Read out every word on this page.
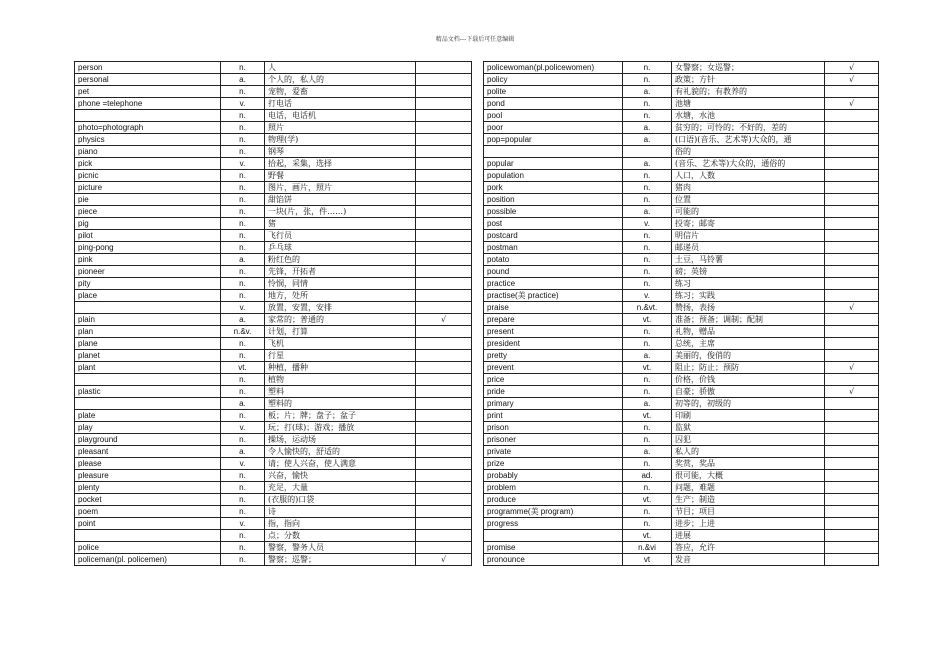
精品文档---下载后可任意编辑
person	n.	人	
personal	a.	个人的，私人的	
pet	n.	宠物，爱畜	
phone =telephone	v.	打电话	
	n.	电话，电话机	
photo=photograph	n.	照片	
physics	n.	物理(学)	
piano	n.	钢琴	
pick	v.	拾起，采集，选择	
picnic	n.	野餐	
picture	n.	图片，画片，照片	
pie	n.	甜馅饼	
piece	n.	一块(片，张，件……)	
pig	n.	猪	
pilot	n.	飞行员	
ping-pong	n.	乒乓球	
pink	a.	粉红色的	
pioneer	n.	先锋，开拓者	
pity	n.	怜悯，同情	
place	n.	地方，处所	
	v.	放置，安置，安排	
plain	a.	家常的；普通的	√
plan	n.&v.	计划，打算	
plane	n.	飞机	
planet	n.	行星	
plant	vt.	种植，播种	
	n.	植物	
plastic	n.	塑料	
	a.	塑料的	
plate	n.	板；片；牌；盘子；盆子	
play	v.	玩；打(球)；游戏；播放	
playground	n.	操场，运动场	
pleasant	a.	令人愉快的，舒适的	
please	v.	请；使人兴奋，使人满意	
pleasure	n.	兴奋，愉快	
plenty	n.	充足，大量	
pocket	n.	(衣服的)口袋	
poem	n.	诗	
point	v.	指，指向	
	n.	点；分数	
police	n.	警察，警务人员	
policeman(pl. policemen)	n.	警察；巡警；	√
policewoman(pl.policewomen)	n.	女警察；女巡警；	√
policy	n.	政策；方针	√
polite	a.	有礼貌的；有教养的	
pond	n.	池塘	√
pool	n.	水塘，水池	
poor	a.	贫穷的；可怜的；不好的，差的	
pop=popular	a.	(口语)(音乐、艺术等)大众的，通	
		俗的	
popular	a.	(音乐、艺术等)大众的，通俗的	
population	n.	人口，人数	
pork	n.	猪肉	
position	n.	位置	
possible	a.	可能的	
post	v.	投寄；邮寄	
postcard	n.	明信片	
postman	n.	邮递员	
potato	n.	土豆，马铃薯	
pound	n.	磅；英镑	
practice	n.	练习	
practise(美 practice)	v.	练习；实践	
praise	n.&vt.	赞扬，表扬	√
prepare	vt.	准备；预备；调制；配制	
present	n.	礼物，赠品	
president	n.	总统，主席	
pretty	a.	美丽的，俊俏的	
prevent	vt.	阻止；防止；预防	√
price	n.	价格，价钱	
pride	n.	自豪；骄傲	√
primary	a.	初等的，初级的	
print	vt.	印刷	
prison	n.	监狱	
prisoner	n.	囚犯	
private	a.	私人的	
prize	n.	奖赏，奖品	
probably	ad.	很可能，大概	
problem	n.	问题，难题	
produce	vt.	生产；制造	
programme(美 program)	n.	节目；项目	
progress	n.	进步；上进	
	vt.	进展	
promise	n.&vi	答应，允许	
pronounce	vt	发音	
